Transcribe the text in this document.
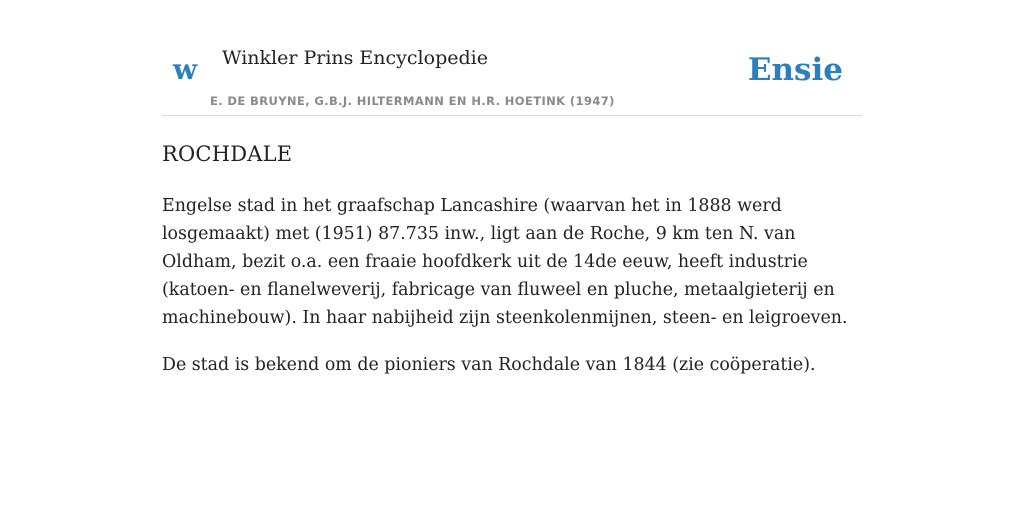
w Winkler Prins Encyclopedie
E. DE BRUYNE, G.B.J. HILTERMANN EN H.R. HOETINK (1947)
Ensie
ROCHDALE

Engelse stad in het graafschap Lancashire (waarvan het in 1888 werd losgemaakt) met (1951) 87.735 inw., ligt aan de Roche, 9 km ten N. van Oldham, bezit o.a. een fraaie hoofdkerk uit de 14de eeuw, heeft industrie (katoen- en flanelweverij, fabricage van fluweel en pluche, metaalgieterij en machinebouw). In haar nabijheid zijn steenkolenmijnen, steen- en leigroeven.

De stad is bekend om de pioniers van Rochdale van 1844 (zie coöperatie).
